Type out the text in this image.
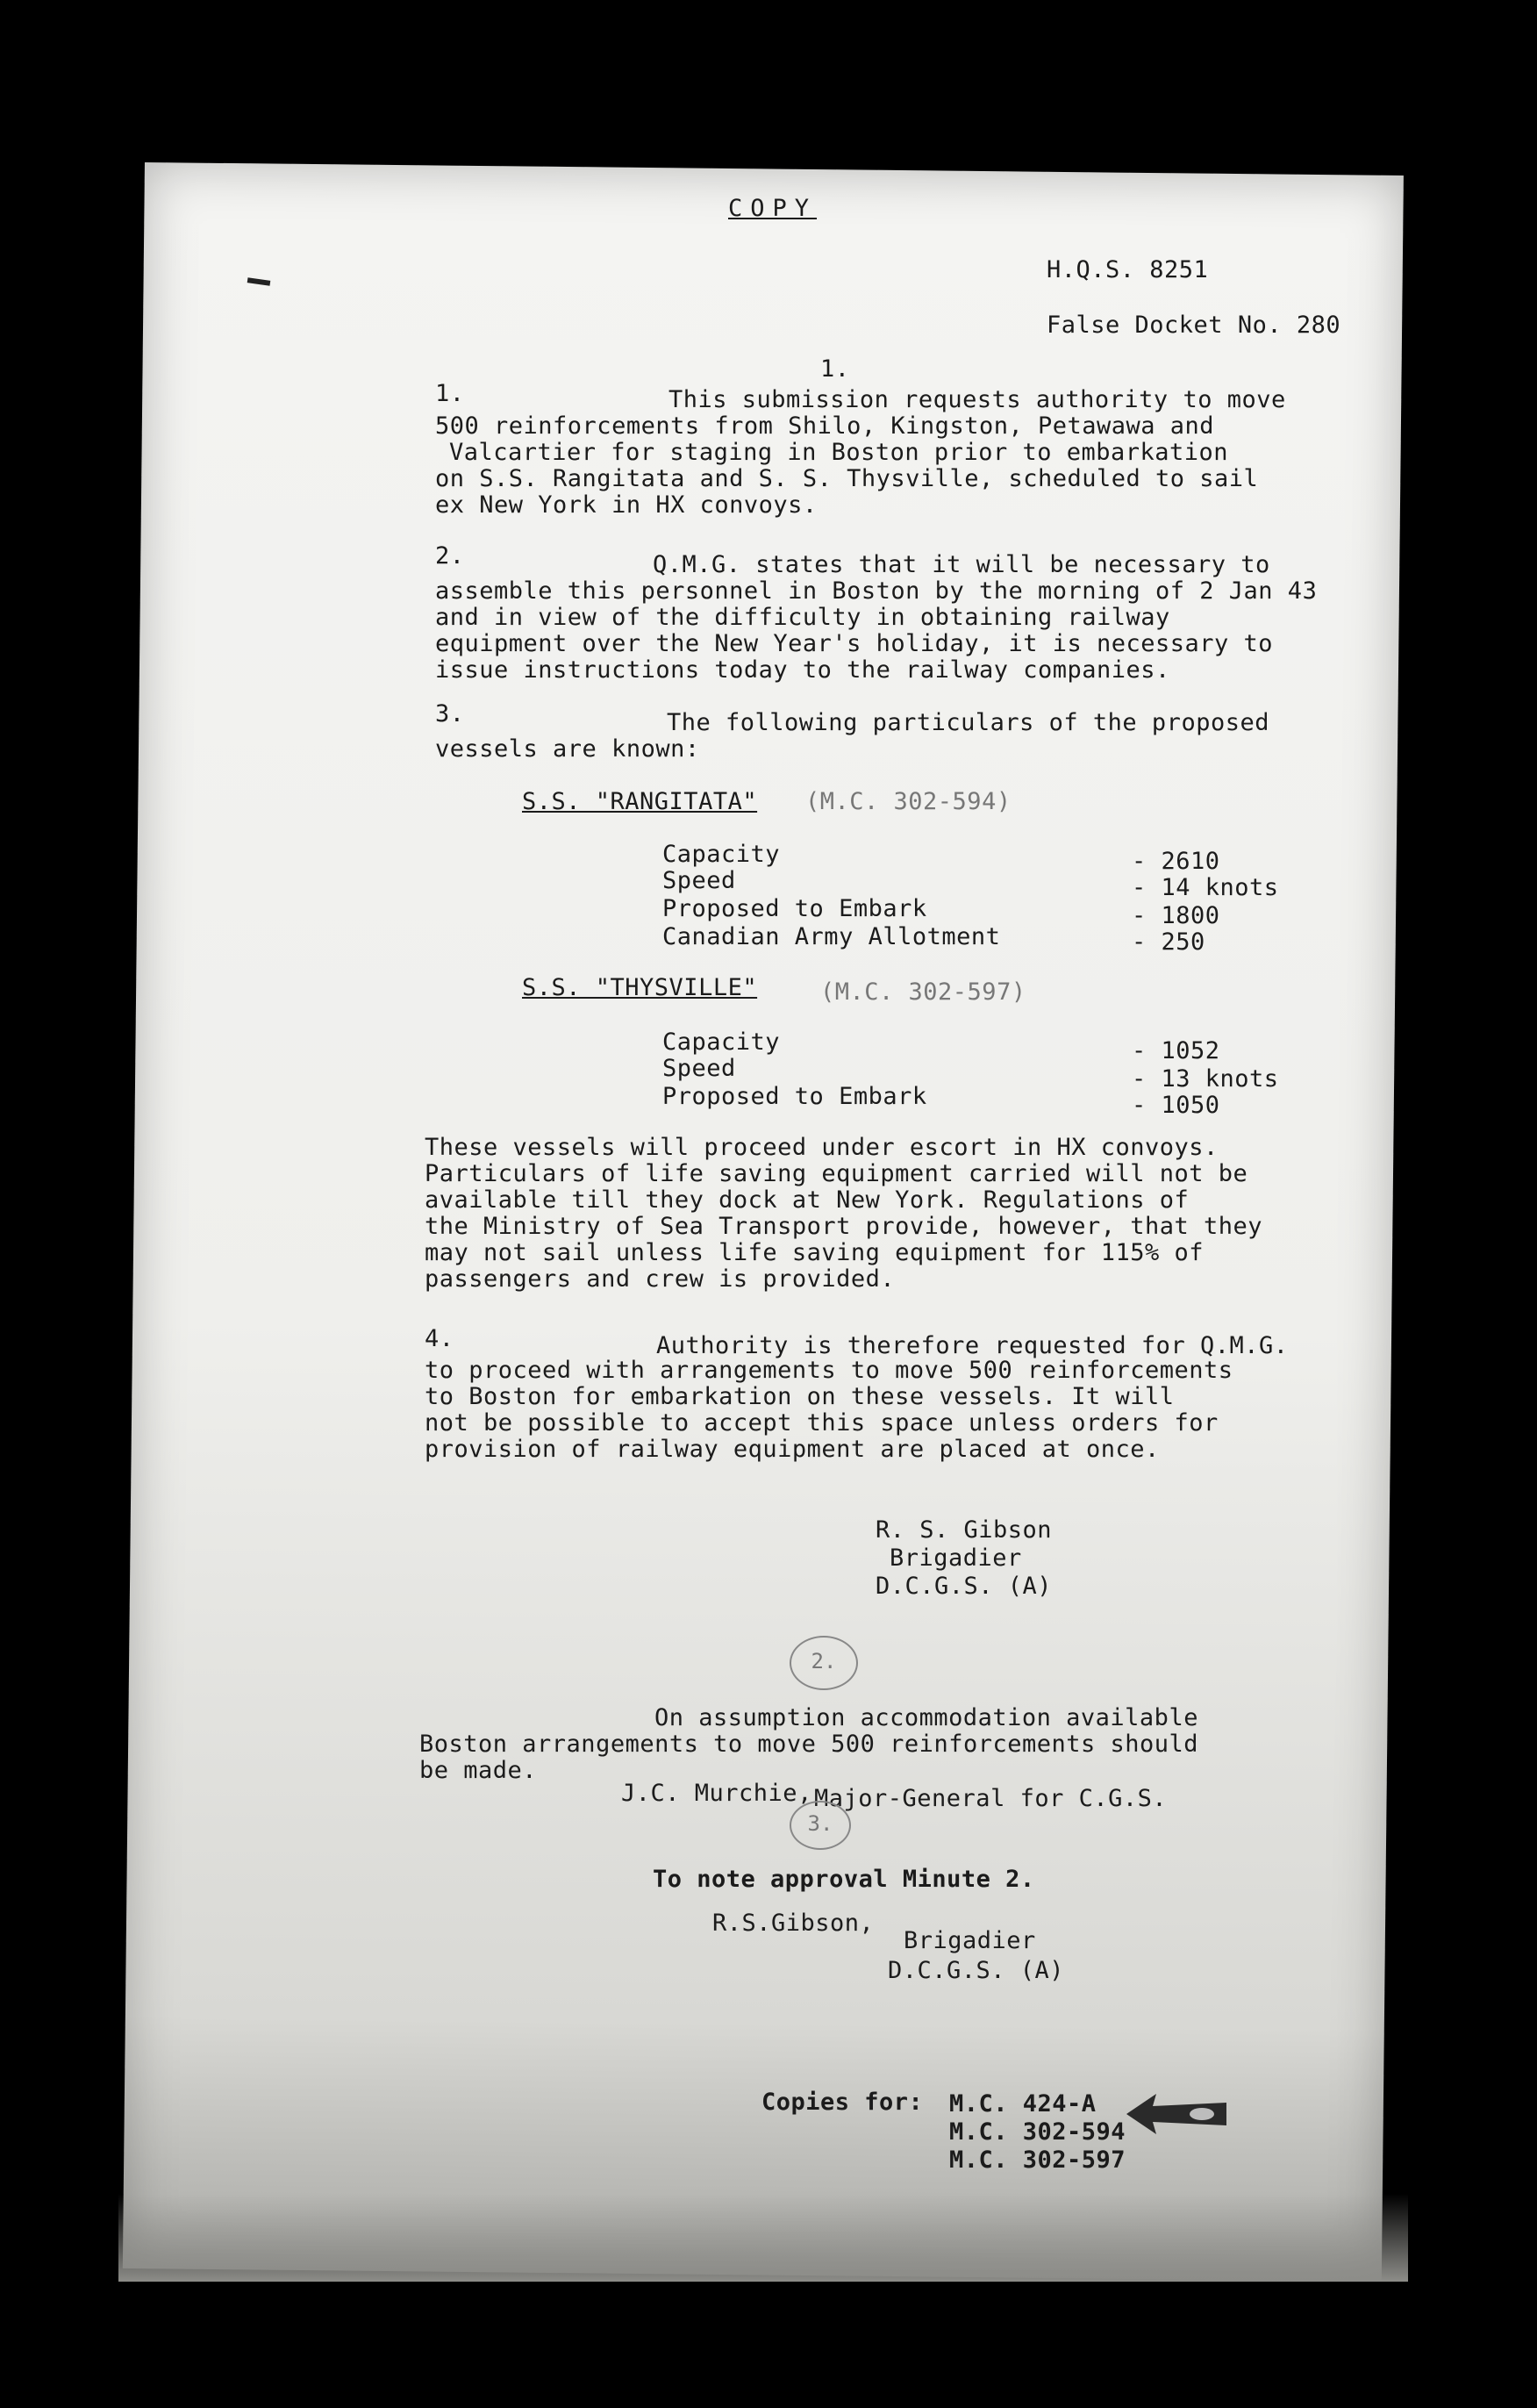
COPY
H.Q.S. 8251
False Docket No. 280
1.
1.	This submission requests authority to move
500 reinforcements from Shilo, Kingston, Petawawa and
Valcartier for staging in Boston prior to embarkation
on S.S. Rangitata and S. S. Thysville, scheduled to sail
ex New York in HX convoys.
2.	Q.M.G. states that it will be necessary to
assemble this personnel in Boston by the morning of 2 Jan 43
and in view of the difficulty in obtaining railway
equipment over the New Year's holiday, it is necessary to
issue instructions today to the railway companies.
3.	The following particulars of the proposed
vessels are known:
S.S. "RANGITATA" (M.C. 302-594)
Capacity	- 2610
Speed	- 14 knots
Proposed to Embark	- 1800
Canadian Army Allotment	- 250
S.S. "THYSVILLE"	(M.C. 302-597)
Capacity	- 1052
Speed	- 13 knots
Proposed to Embark	- 1050
These vessels will proceed under escort in HX convoys.
Particulars of life saving equipment carried will not be
available till they dock at New York. Regulations of
the Ministry of Sea Transport provide, however, that they
may not sail unless life saving equipment for 115% of
passengers and crew is provided.
4.	Authority is therefore requested for Q.M.G.
to proceed with arrangements to move 500 reinforcements
to Boston for embarkation on these vessels. It will
not be possible to accept this space unless orders for
provision of railway equipment are placed at once.
R. S. Gibson
Brigadier
D.C.G.S. (A)
2.
On assumption accommodation available
Boston arrangements to move 500 reinforcements should
be made.
J.C. Murchie, Major-General for C.G.S.
3.
To note approval Minute 2.
R.S.Gibson,
Brigadier
D.C.G.S. (A)
Copies for: M.C. 424-A
M.C. 302-594
M.C. 302-597
